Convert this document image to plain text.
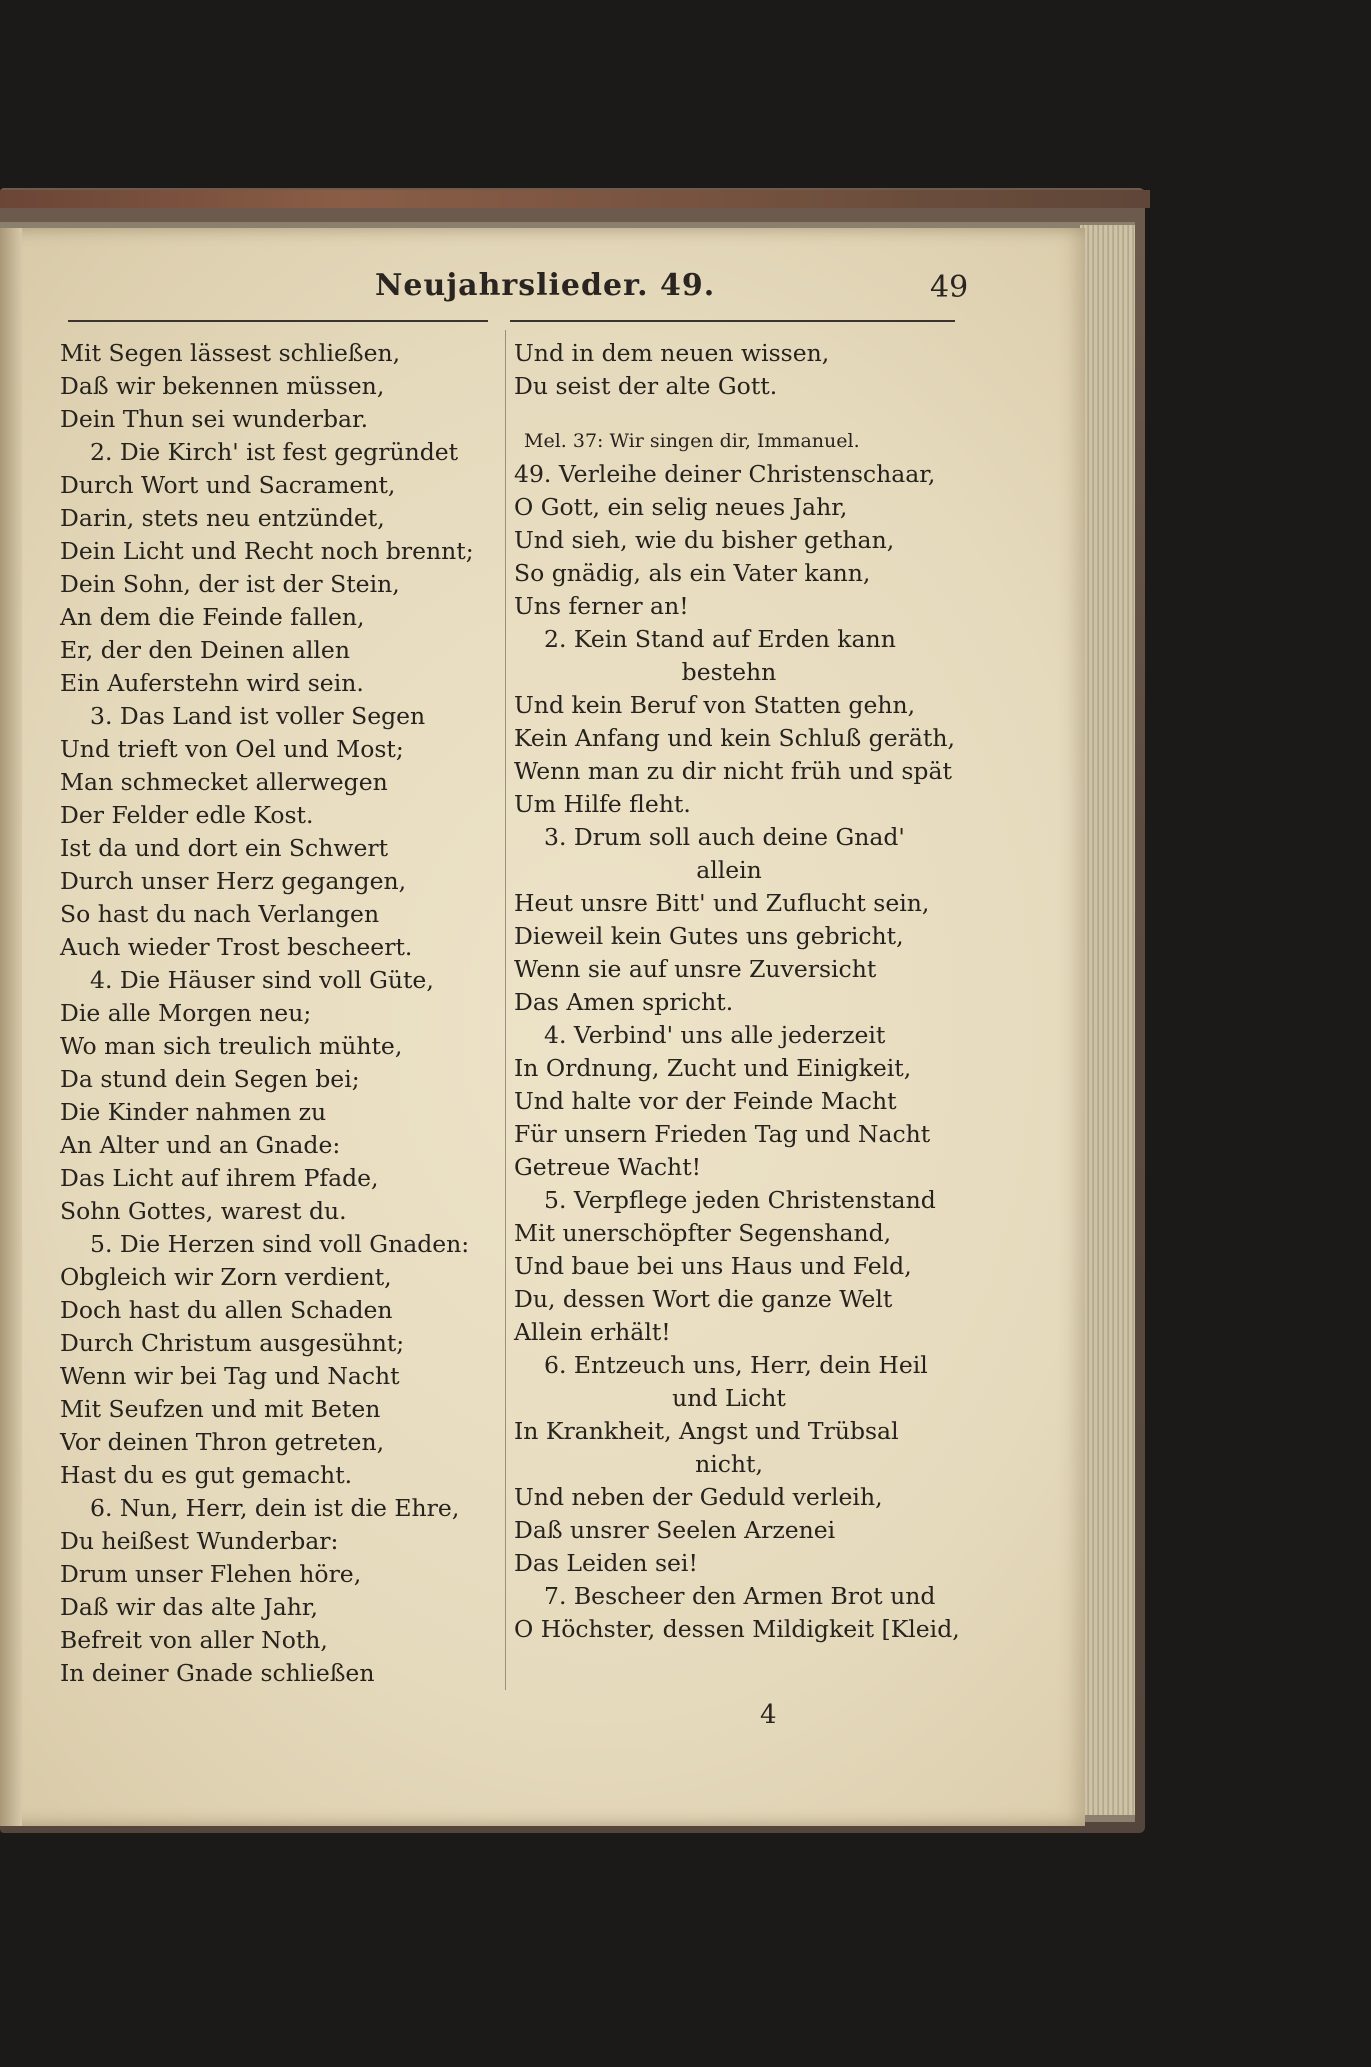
Neujahrslieder. 49.	49
Mit Segen lässest schließen,
Daß wir bekennen müssen,
Dein Thun sei wunderbar.
2. Die Kirch' ist fest gegründet
Durch Wort und Sacrament,
Darin, stets neu entzündet,
Dein Licht und Recht noch brennt;
Dein Sohn, der ist der Stein,
An dem die Feinde fallen,
Er, der den Deinen allen
Ein Auferstehn wird sein.
3. Das Land ist voller Segen
Und trieft von Oel und Most;
Man schmecket allerwegen
Der Felder edle Kost.
Ist da und dort ein Schwert
Durch unser Herz gegangen,
So hast du nach Verlangen
Auch wieder Trost bescheert.
4. Die Häuser sind voll Güte,
Die alle Morgen neu;
Wo man sich treulich mühte,
Da stund dein Segen bei;
Die Kinder nahmen zu
An Alter und an Gnade:
Das Licht auf ihrem Pfade,
Sohn Gottes, warest du.
5. Die Herzen sind voll Gnaden:
Obgleich wir Zorn verdient,
Doch hast du allen Schaden
Durch Christum ausgesühnt;
Wenn wir bei Tag und Nacht
Mit Seufzen und mit Beten
Vor deinen Thron getreten,
Hast du es gut gemacht.
6. Nun, Herr, dein ist die Ehre,
Du heißest Wunderbar:
Drum unser Flehen höre,
Daß wir das alte Jahr,
Befreit von aller Noth,
In deiner Gnade schließen
Und in dem neuen wissen,
Du seist der alte Gott.
Mel. 37: Wir singen dir, Immanuel.
49. Verleihe deiner Christenschaar,
O Gott, ein selig neues Jahr,
Und sieh, wie du bisher gethan,
So gnädig, als ein Vater kann,
Uns ferner an!
2. Kein Stand auf Erden kann
bestehn
Und kein Beruf von Statten gehn,
Kein Anfang und kein Schluß geräth,
Wenn man zu dir nicht früh und spät
Um Hilfe fleht.
3. Drum soll auch deine Gnad'
allein
Heut unsre Bitt' und Zuflucht sein,
Dieweil kein Gutes uns gebricht,
Wenn sie auf unsre Zuversicht
Das Amen spricht.
4. Verbind' uns alle jederzeit
In Ordnung, Zucht und Einigkeit,
Und halte vor der Feinde Macht
Für unsern Frieden Tag und Nacht
Getreue Wacht!
5. Verpflege jeden Christenstand
Mit unerschöpfter Segenshand,
Und baue bei uns Haus und Feld,
Du, dessen Wort die ganze Welt
Allein erhält!
6. Entzeuch uns, Herr, dein Heil
und Licht
In Krankheit, Angst und Trübsal
nicht,
Und neben der Geduld verleih,
Daß unsrer Seelen Arzenei
Das Leiden sei!
7. Bescheer den Armen Brot und
O Höchster, dessen Mildigkeit [Kleid,
4
